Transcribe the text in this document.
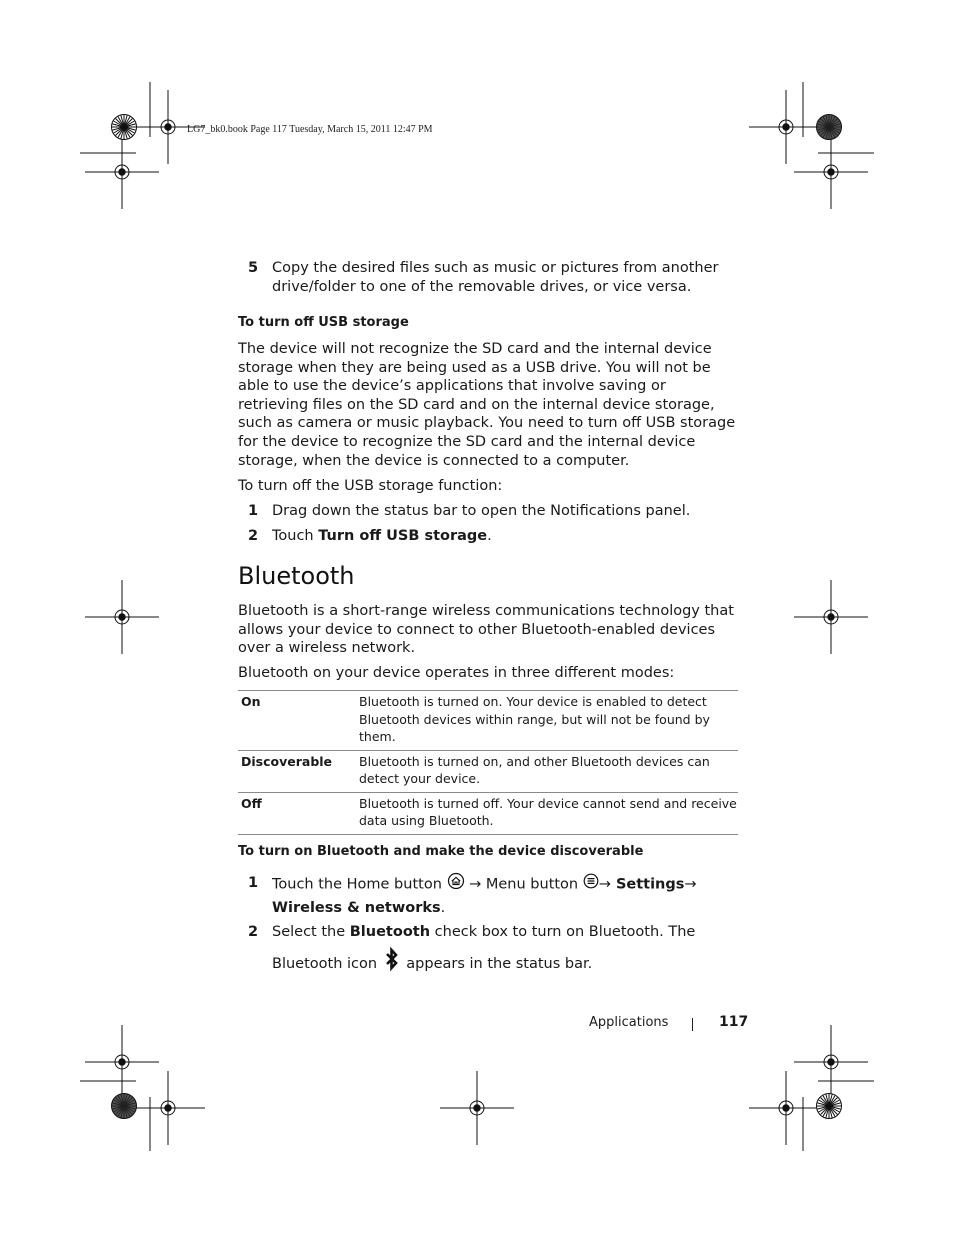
LG7_bk0.book Page 117 Tuesday, March 15, 2011 12:47 PM
5 Copy the desired files such as music or pictures from another drive/folder to one of the removable drives, or vice versa.
To turn off USB storage

The device will not recognize the SD card and the internal device storage when they are being used as a USB drive. You will not be able to use the device’s applications that involve saving or retrieving files on the SD card and on the internal device storage, such as camera or music playback. You need to turn off USB storage for the device to recognize the SD card and the internal device storage, when the device is connected to a computer.

To turn off the USB storage function:

1 Drag down the status bar to open the Notifications panel.
2 Touch Turn off USB storage.
Bluetooth

Bluetooth is a short-range wireless communications technology that allows your device to connect to other Bluetooth-enabled devices over a wireless network.

Bluetooth on your device operates in three different modes:

On	Bluetooth is turned on. Your device is enabled to detect Bluetooth devices within range, but will not be found by them.
Discoverable	Bluetooth is turned on, and other Bluetooth devices can detect your device.
Off	Bluetooth is turned off. Your device cannot send and receive data using Bluetooth.
To turn on Bluetooth and make the device discoverable
1 Touch the Home button  → Menu button → Settings→
Wireless & networks.
2 Select the Bluetooth check box to turn on Bluetooth. The Bluetooth icon  appears in the status bar.
Applications	117
